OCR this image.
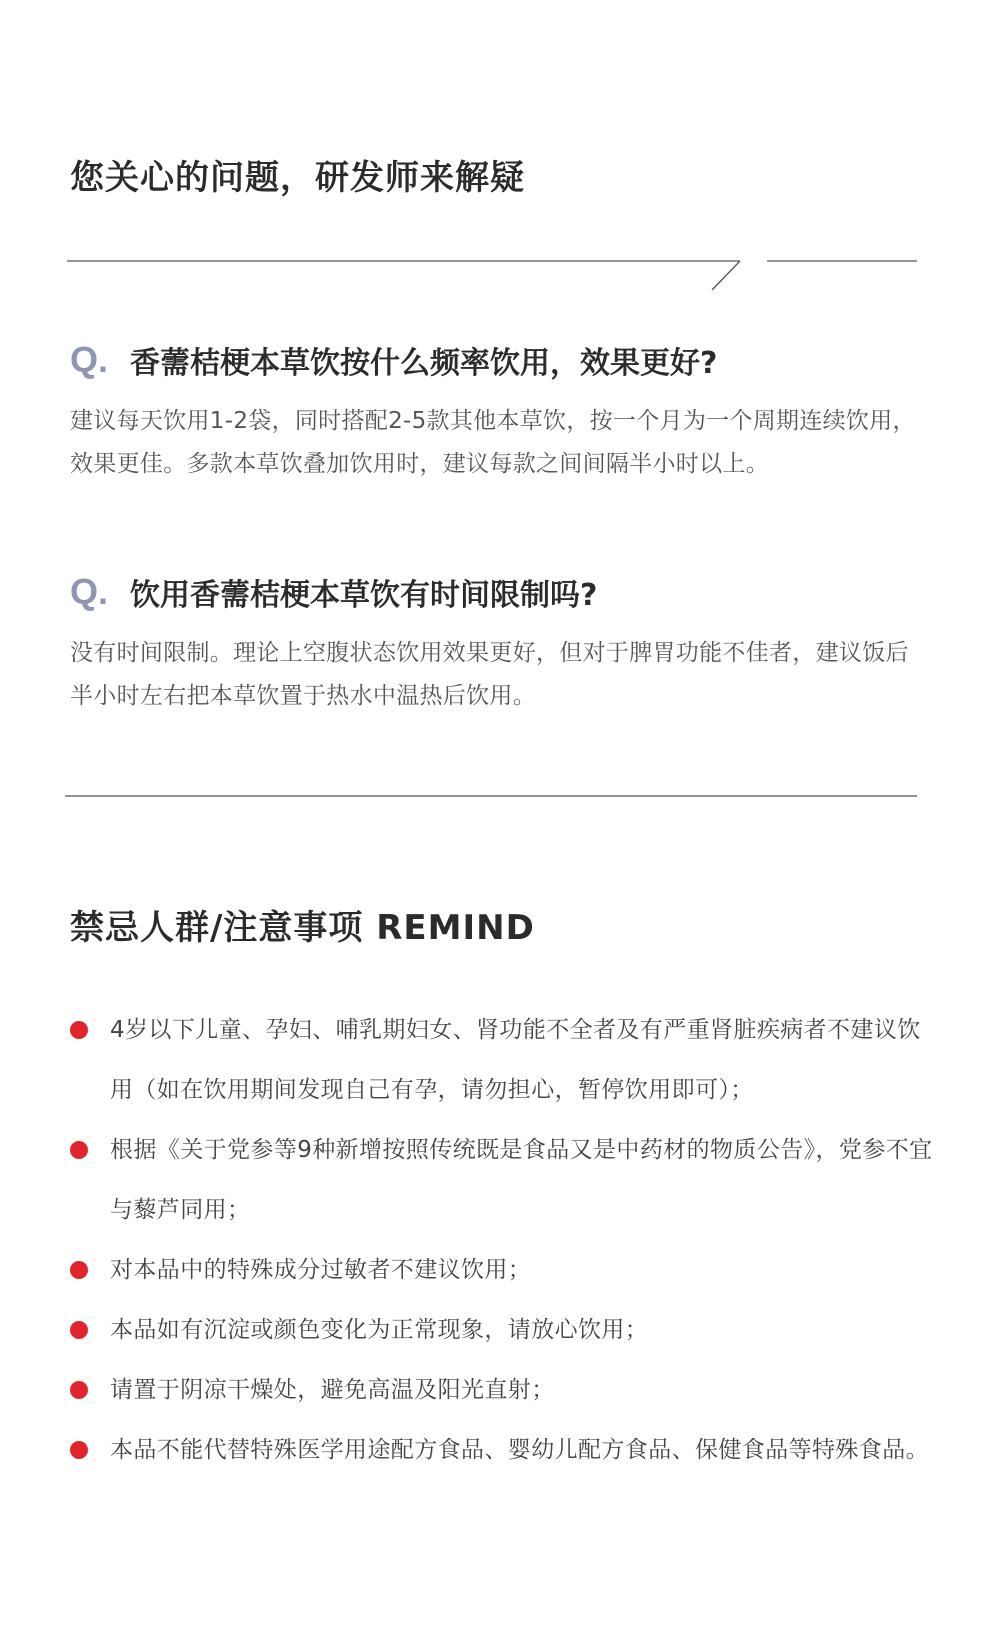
您关心的问题，研发师来解疑
Q. 香薷桔梗本草饮按什么频率饮用，效果更好?
建议每天饮用1-2袋，同时搭配2-5款其他本草饮，按一个月为一个周期连续饮用，效果更佳。多款本草饮叠加饮用时，建议每款之间间隔半小时以上。
Q. 饮用香薷桔梗本草饮有时间限制吗?
没有时间限制。理论上空腹状态饮用效果更好，但对于脾胃功能不佳者，建议饭后半小时左右把本草饮置于热水中温热后饮用。
禁忌人群/注意事项 REMIND
4岁以下儿童、孕妇、哺乳期妇女、肾功能不全者及有严重肾脏疾病者不建议饮用（如在饮用期间发现自己有孕，请勿担心，暂停饮用即可）；
根据《关于党参等9种新增按照传统既是食品又是中药材的物质公告》，党参不宜与藜芦同用；
对本品中的特殊成分过敏者不建议饮用；
本品如有沉淀或颜色变化为正常现象，请放心饮用；
请置于阴凉干燥处，避免高温及阳光直射；
本品不能代替特殊医学用途配方食品、婴幼儿配方食品、保健食品等特殊食品。
